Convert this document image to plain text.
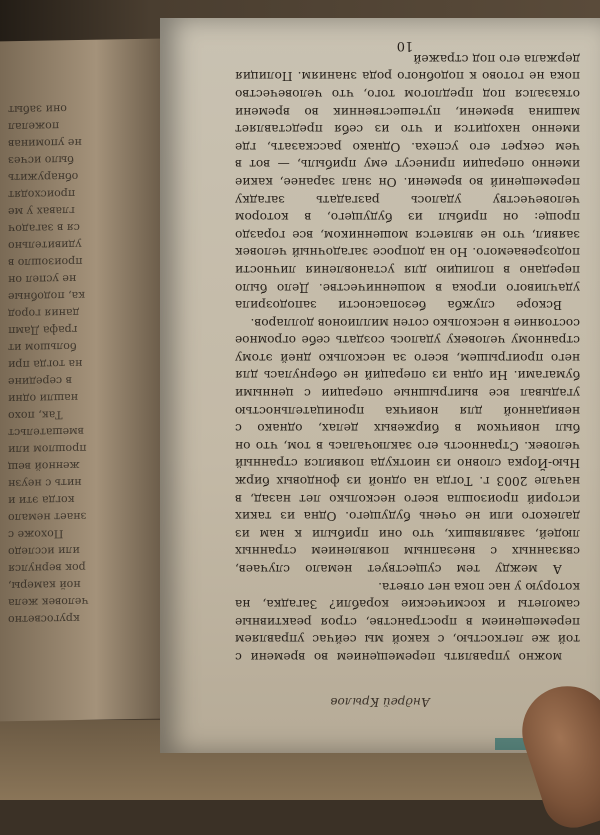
кругосветно
человек жела
ной камеры,
рок вернулся
или исследо
Похоже с
знает немало
когда эти и
нить с неузн
женной вещ
прошлом или
вмешательст
Так, похо
нашли одни
в середине
на тогда при
большом ит
графа Дамп
дания город
ка, подобные
не успел он
произошло в
удивительно
ся в загадоч
главах у ме
происходят
обнаружить
было исчез
не упоминав
пожелал
они забыт
Андрей Крылов

можно управлять перемещением во времени с той же легкостью, с какой мы сейчас управляем перемещением в пространстве, строя реактивные самолеты и космические корабли? Загадка, на которую у нас пока нет ответа.

А между тем существует немало случаев, связанных с внезапным появлением странных людей, заявлявших, что они прибыли к нам из далекого или не очень будущего. Одна из таких историй произошла всего несколько лет назад, в начале 2003 г. Тогда на одной из фондовых бирж Нью-Йорка словно из ниоткуда появился странный человек. Странность его заключалась в том, что он был новичком в биржевых делах, однако с невиданной для новичка проницательностью угадывал все выигрышные операции с ценными бумагами. Ни одна из операций не обернулась для него проигрышем, всего за несколько дней этому странному человеку удалось создать себе огромное состояние в несколько сотен миллионов долларов.

Вскоре служба безопасности заподозрила удачливого игрока в мошенничестве. Дело было передано в полицию для установления личности подозреваемого. Но на допросе загадочный человек заявил, что не является мошенником, все гораздо проще: он прибыл из будущего, в котором человечеству удалось разгадать загадку перемещений во времени. Он знал заранее, какие именно операции принесут ему прибыль, — вот в чем секрет его успеха. Однако рассказать, где именно находится и что из себя представляет машина времени, путешественник во времени отказался под предлогом того, что человечество пока не готово к подобного рода знаниям. Полиция держала его под стражей

10
